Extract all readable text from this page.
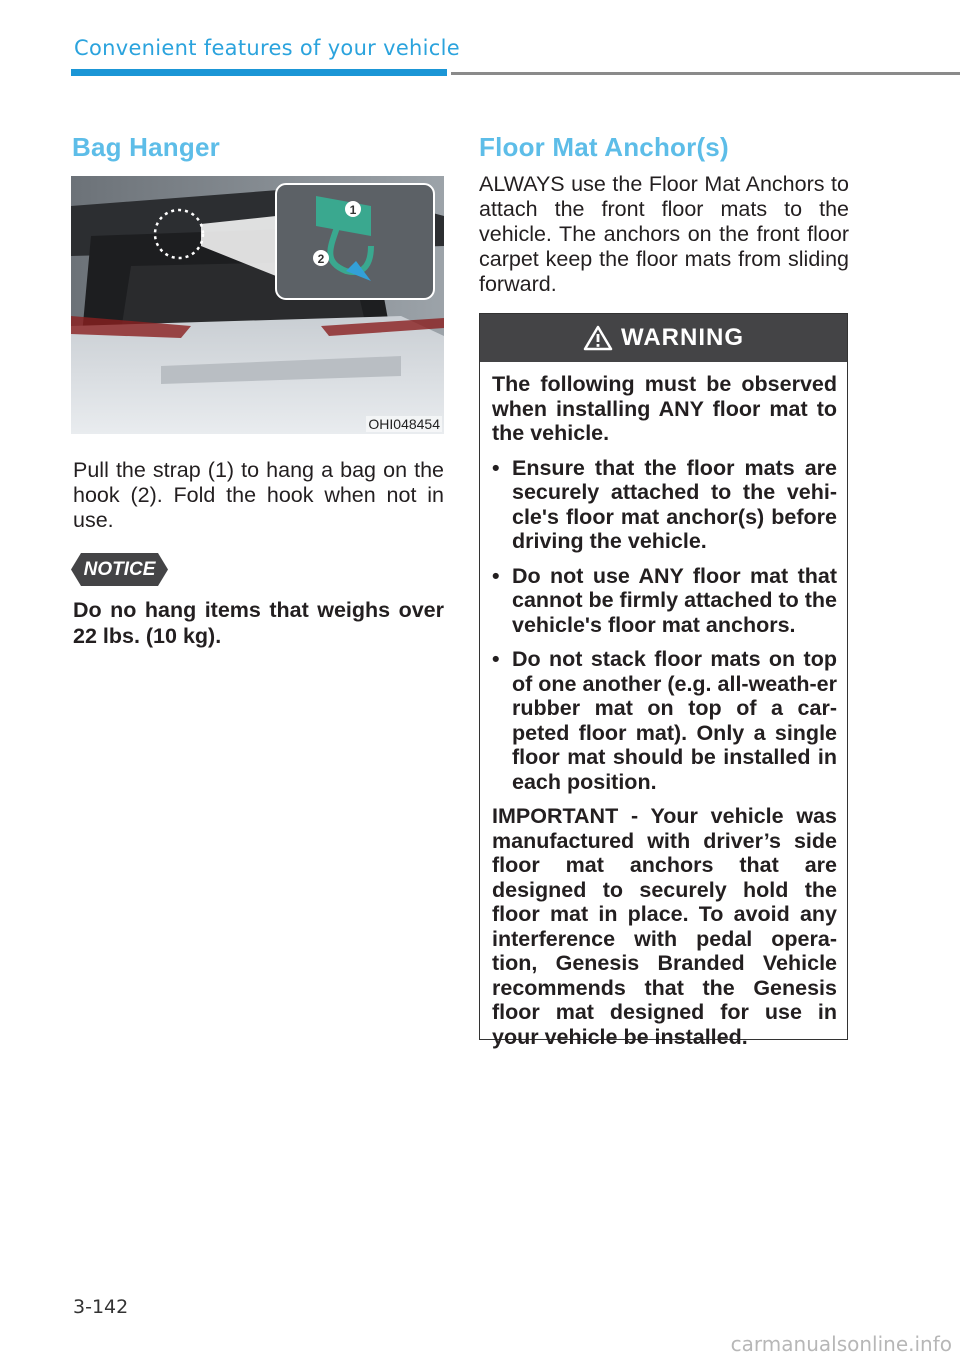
Convenient features of your vehicle
Bag Hanger
1
2
OHI048454

Pull the strap (1) to hang a bag on the hook (2). Fold the hook when not in use.

NOTICE

Do no hang items that weighs over 22 lbs. (10 kg).

Floor Mat Anchor(s)

ALWAYS use the Floor Mat Anchors to attach the front floor mats to the vehicle. The anchors on the front floor carpet keep the floor mats from sliding forward.

WARNING

The following must be observed when installing ANY floor mat to the vehicle.

• Ensure that the floor mats are securely attached to the vehi-cle's floor mat anchor(s) before driving the vehicle.
• Do not use ANY floor mat that cannot be firmly attached to the vehicle's floor mat anchors.
• Do not stack floor mats on top of one another (e.g. all-weath-er rubber mat on top of a car-peted floor mat). Only a single floor mat should be installed in each position.

IMPORTANT - Your vehicle was manufactured with driver’s side floor mat anchors that are designed to securely hold the floor mat in place. To avoid any interference with pedal opera-tion, Genesis Branded Vehicle recommends that the Genesis floor mat designed for use in your vehicle be installed.

3-142
carmanualsonline.info
